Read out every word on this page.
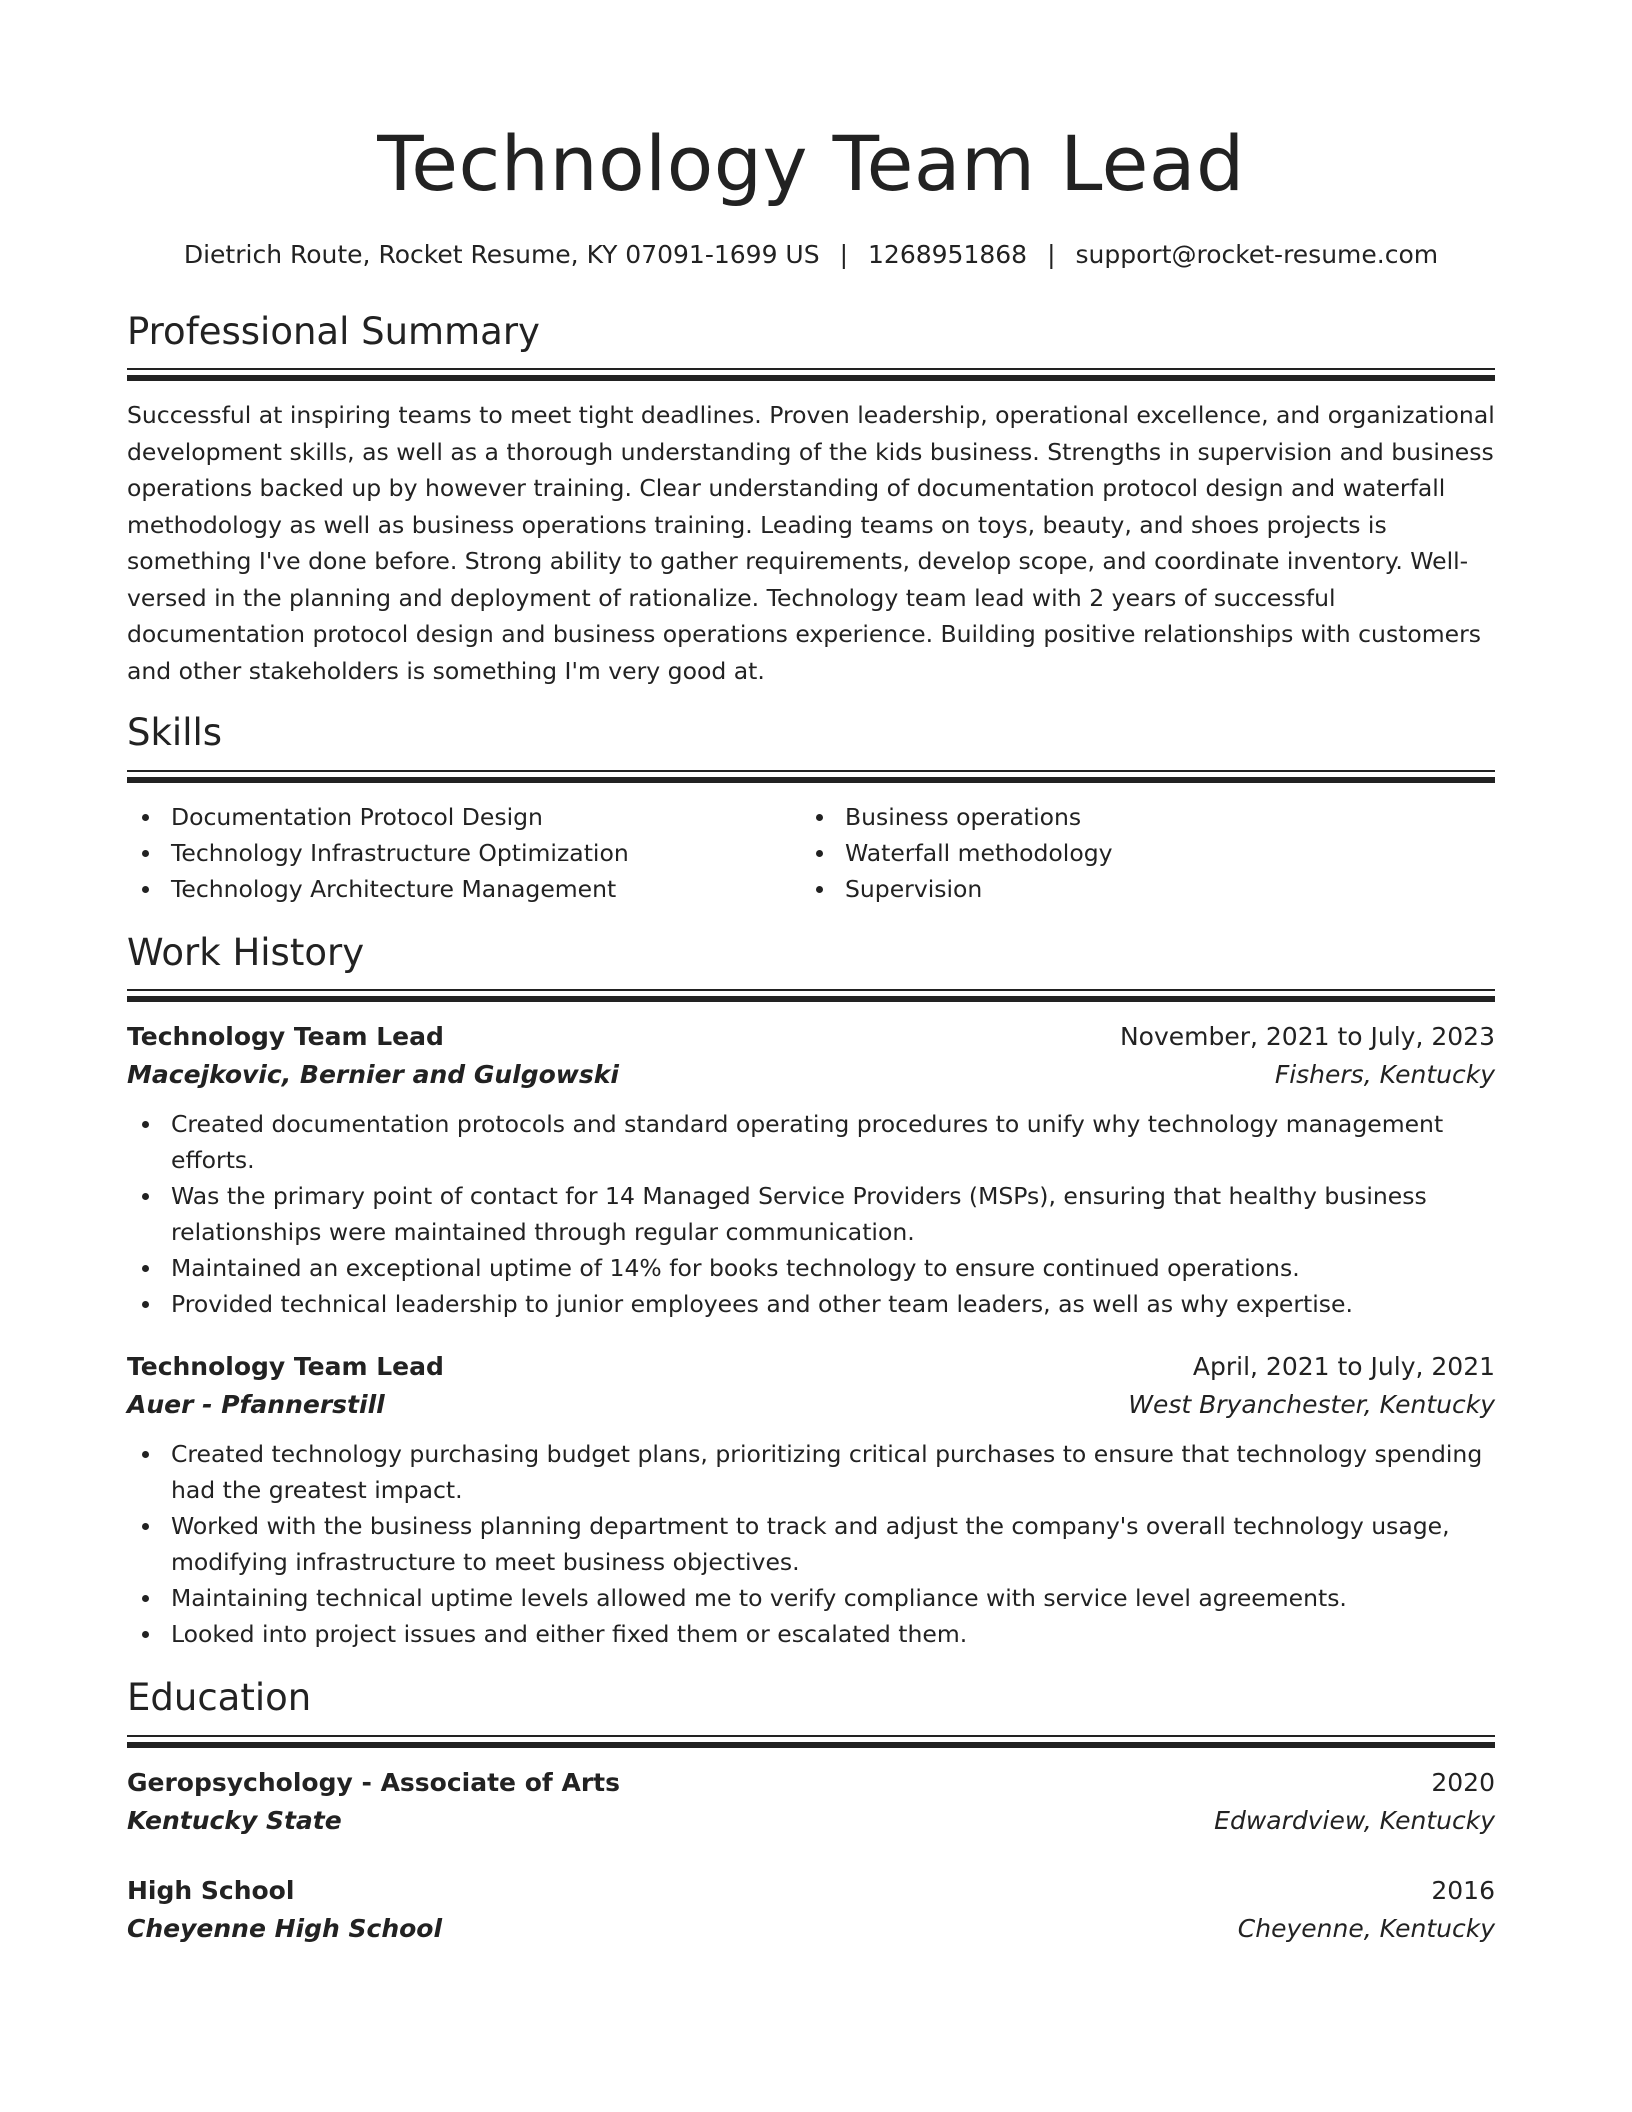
Technology Team Lead
Dietrich Route, Rocket Resume, KY 07091-1699 US | 1268951868 | support@rocket-resume.com
Professional Summary

Successful at inspiring teams to meet tight deadlines. Proven leadership, operational excellence, and organizational development skills, as well as a thorough understanding of the kids business. Strengths in supervision and business operations backed up by however training. Clear understanding of documentation protocol design and waterfall methodology as well as business operations training. Leading teams on toys, beauty, and shoes projects is something I've done before. Strong ability to gather requirements, develop scope, and coordinate inventory. Well-versed in the planning and deployment of rationalize. Technology team lead with 2 years of successful documentation protocol design and business operations experience. Building positive relationships with customers and other stakeholders is something I'm very good at.

Skills
Documentation Protocol Design
Technology Infrastructure Optimization
Technology Architecture Management
Business operations
Waterfall methodology
Supervision
Work History
Technology Team Lead	November, 2021 to July, 2023
Macejkovic, Bernier and Gulgowski	Fishers, Kentucky
Created documentation protocols and standard operating procedures to unify why technology management efforts.
Was the primary point of contact for 14 Managed Service Providers (MSPs), ensuring that healthy business relationships were maintained through regular communication.
Maintained an exceptional uptime of 14% for books technology to ensure continued operations.
Provided technical leadership to junior employees and other team leaders, as well as why expertise.
Technology Team Lead	April, 2021 to July, 2021
Auer - Pfannerstill	West Bryanchester, Kentucky
Created technology purchasing budget plans, prioritizing critical purchases to ensure that technology spending had the greatest impact.
Worked with the business planning department to track and adjust the company's overall technology usage, modifying infrastructure to meet business objectives.
Maintaining technical uptime levels allowed me to verify compliance with service level agreements.
Looked into project issues and either fixed them or escalated them.
Education
Geropsychology - Associate of Arts	2020
Kentucky State	Edwardview, Kentucky
High School	2016
Cheyenne High School	Cheyenne, Kentucky
